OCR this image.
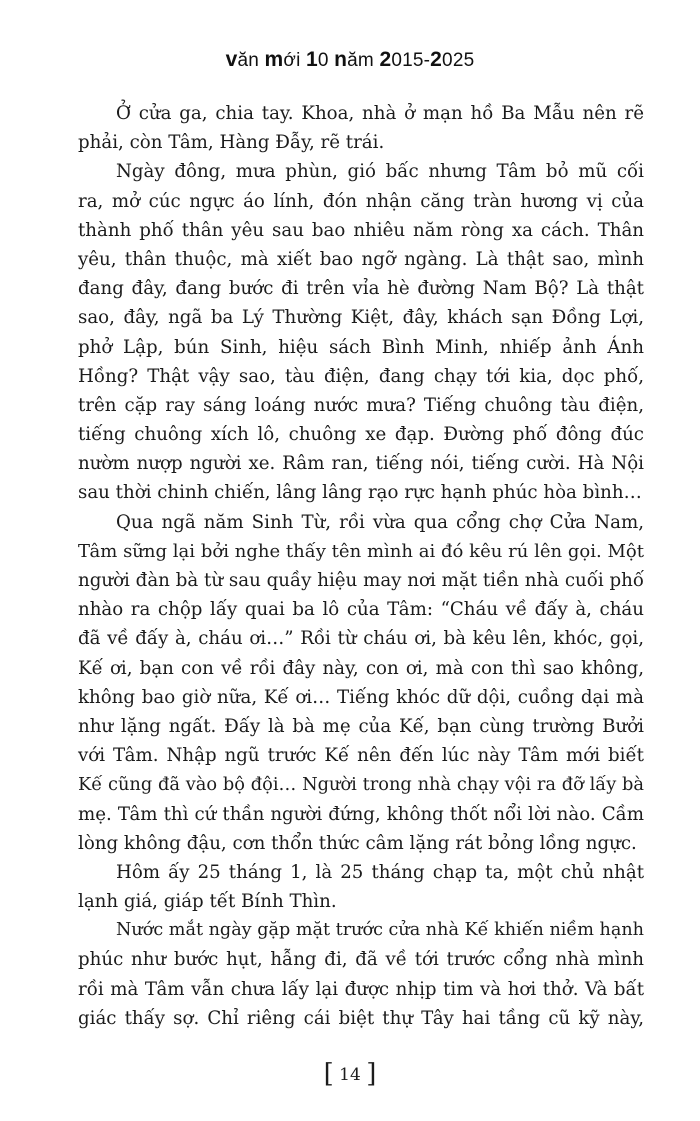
văn mới 10 năm 2015-2025
Ở cửa ga, chia tay. Khoa, nhà ở mạn hồ Ba Mẫu nên rẽ
phải, còn Tâm, Hàng Đẫy, rẽ trái.
Ngày đông, mưa phùn, gió bấc nhưng Tâm bỏ mũ cối
ra, mở cúc ngực áo lính, đón nhận căng tràn hương vị của
thành phố thân yêu sau bao nhiêu năm ròng xa cách. Thân
yêu, thân thuộc, mà xiết bao ngỡ ngàng. Là thật sao, mình
đang đây, đang bước đi trên vỉa hè đường Nam Bộ? Là thật
sao, đây, ngã ba Lý Thường Kiệt, đây, khách sạn Đồng Lợi,
phở Lập, bún Sinh, hiệu sách Bình Minh, nhiếp ảnh Ánh
Hồng? Thật vậy sao, tàu điện, đang chạy tới kia, dọc phố,
trên cặp ray sáng loáng nước mưa? Tiếng chuông tàu điện,
tiếng chuông xích lô, chuông xe đạp. Đường phố đông đúc
nườm nượp người xe. Râm ran, tiếng nói, tiếng cười. Hà Nội
sau thời chinh chiến, lâng lâng rạo rực hạnh phúc hòa bình…
Qua ngã năm Sinh Từ, rồi vừa qua cổng chợ Cửa Nam,
Tâm sững lại bởi nghe thấy tên mình ai đó kêu rú lên gọi. Một
người đàn bà từ sau quầy hiệu may nơi mặt tiền nhà cuối phố
nhào ra chộp lấy quai ba lô của Tâm: “Cháu về đấy à, cháu
đã về đấy à, cháu ơi…” Rồi từ cháu ơi, bà kêu lên, khóc, gọi,
Kế ơi, bạn con về rồi đây này, con ơi, mà con thì sao không,
không bao giờ nữa, Kế ơi… Tiếng khóc dữ dội, cuồng dại mà
như lặng ngất. Đấy là bà mẹ của Kế, bạn cùng trường Bưởi
với Tâm. Nhập ngũ trước Kế nên đến lúc này Tâm mới biết
Kế cũng đã vào bộ đội… Người trong nhà chạy vội ra đỡ lấy bà
mẹ. Tâm thì cứ thần người đứng, không thốt nổi lời nào. Cầm
lòng không đậu, cơn thổn thức câm lặng rát bỏng lồng ngực.
Hôm ấy 25 tháng 1, là 25 tháng chạp ta, một chủ nhật
lạnh giá, giáp tết Bính Thìn.
Nước mắt ngày gặp mặt trước cửa nhà Kế khiến niềm hạnh
phúc như bước hụt, hẫng đi, đã về tới trước cổng nhà mình
rồi mà Tâm vẫn chưa lấy lại được nhịp tim và hơi thở. Và bất
giác thấy sợ. Chỉ riêng cái biệt thự Tây hai tầng cũ kỹ này,
[ 14 ]
